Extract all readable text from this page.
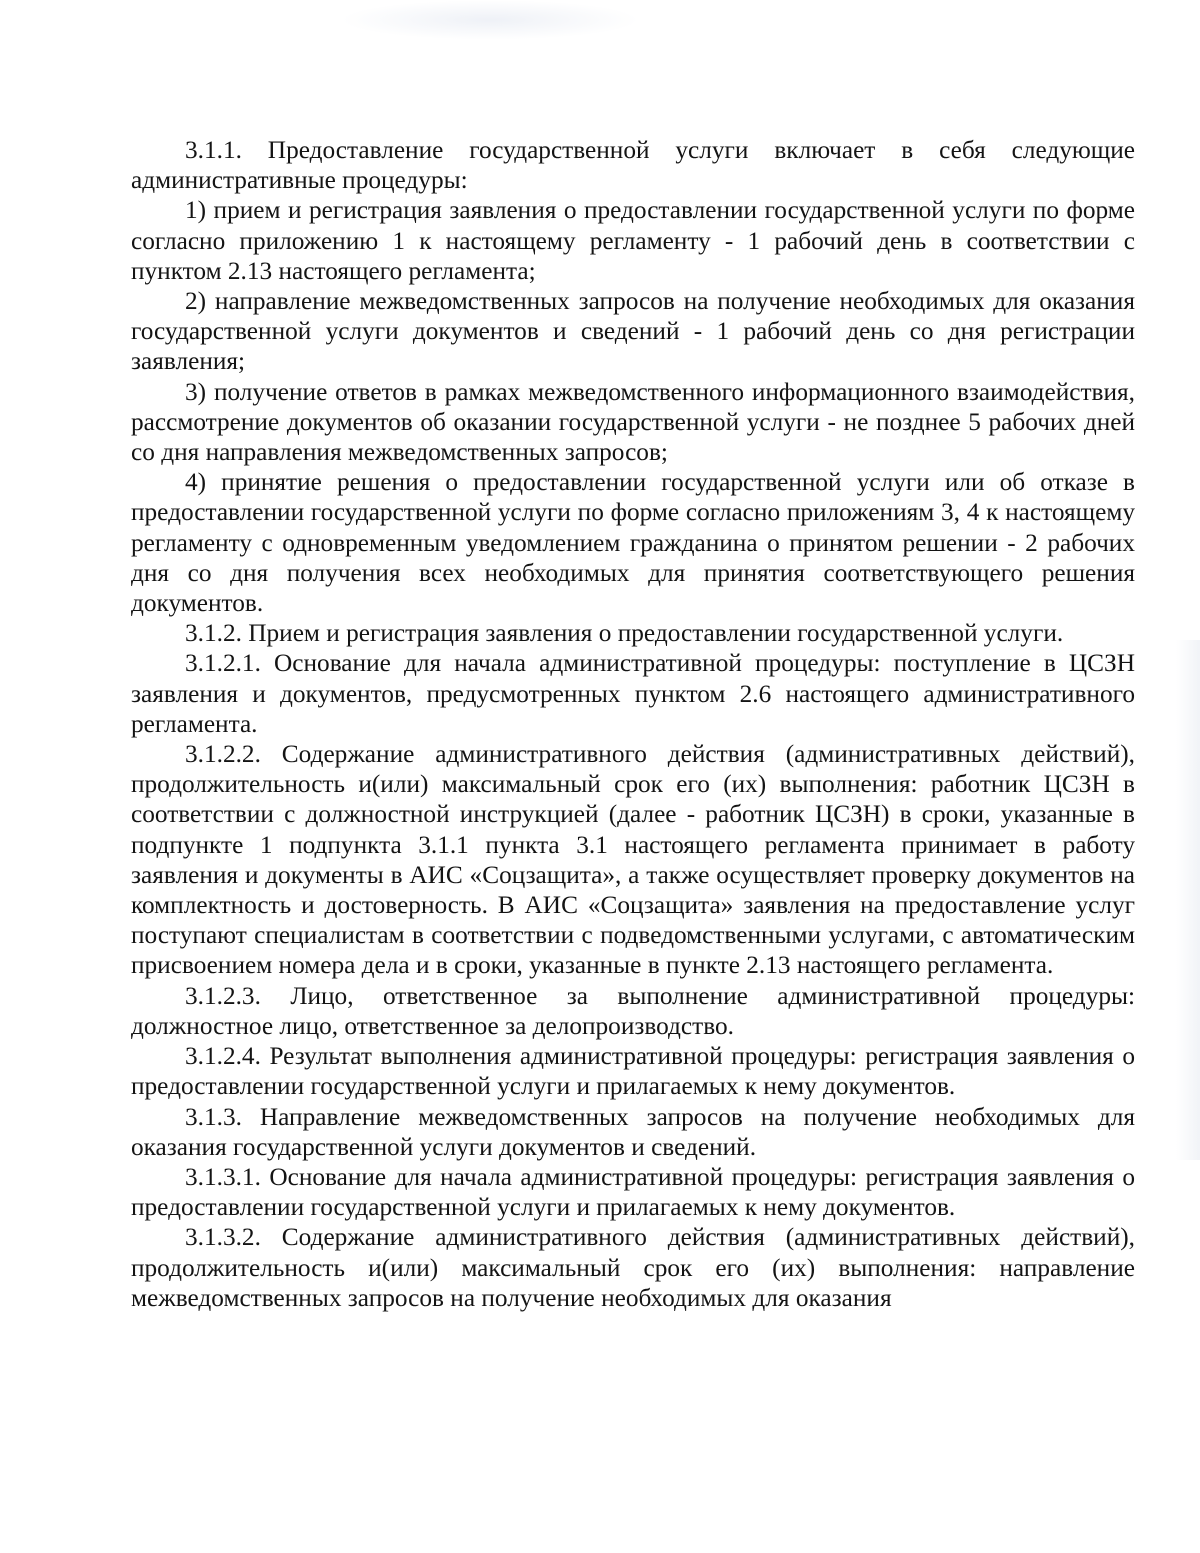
3.1.1. Предоставление государственной услуги включает в себя следующие административные процедуры:

1) прием и регистрация заявления о предоставлении государственной услуги по форме согласно приложению 1 к настоящему регламенту - 1 рабочий день в соответствии с пунктом 2.13 настоящего регламента;

2) направление межведомственных запросов на получение необходимых для оказания государственной услуги документов и сведений - 1 рабочий день со дня регистрации заявления;

3) получение ответов в рамках межведомственного информационного взаимодействия, рассмотрение документов об оказании государственной услуги - не позднее 5 рабочих дней со дня направления межведомственных запросов;

4) принятие решения о предоставлении государственной услуги или об отказе в предоставлении государственной услуги по форме согласно приложениям 3, 4 к настоящему регламенту с одновременным уведомлением гражданина о принятом решении - 2 рабочих дня со дня получения всех необходимых для принятия соответствующего решения документов.

3.1.2. Прием и регистрация заявления о предоставлении государственной услуги.

3.1.2.1. Основание для начала административной процедуры: поступление в ЦСЗН заявления и документов, предусмотренных пунктом 2.6 настоящего административного регламента.

3.1.2.2. Содержание административного действия (административных действий), продолжительность и(или) максимальный срок его (их) выполнения: работник ЦСЗН в соответствии с должностной инструкцией (далее - работник ЦСЗН) в сроки, указанные в подпункте 1 подпункта 3.1.1 пункта 3.1 настоящего регламента принимает в работу заявления и документы в АИС «Соцзащита», а также осуществляет проверку документов на комплектность и достоверность. В АИС «Соцзащита» заявления на предоставление услуг поступают специалистам в соответствии с подведомственными услугами, с автоматическим присвоением номера дела и в сроки, указанные в пункте 2.13 настоящего регламента.

3.1.2.3. Лицо, ответственное за выполнение административной процедуры: должностное лицо, ответственное за делопроизводство.

3.1.2.4. Результат выполнения административной процедуры: регистрация заявления о предоставлении государственной услуги и прилагаемых к нему документов.

3.1.3. Направление межведомственных запросов на получение необходимых для оказания государственной услуги документов и сведений.

3.1.3.1. Основание для начала административной процедуры: регистрация заявления о предоставлении государственной услуги и прилагаемых к нему документов.

3.1.3.2. Содержание административного действия (административных действий), продолжительность и(или) максимальный срок его (их) выполнения: направление межведомственных запросов на получение необходимых для оказания
